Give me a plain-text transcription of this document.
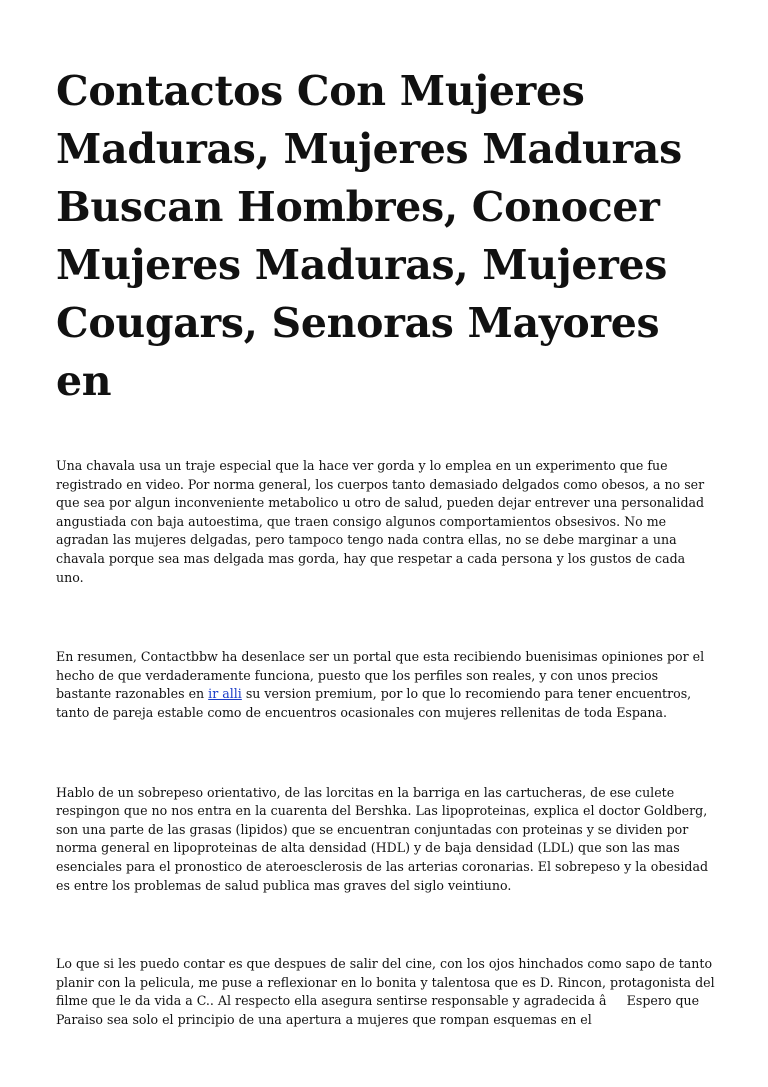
Contactos Con Mujeres Maduras, Mujeres Maduras Buscan Hombres, Conocer Mujeres Maduras, Mujeres Cougars, Senoras Mayores en

Una chavala usa un traje especial que la hace ver gorda y lo emplea en un experimento que fue registrado en video. Por norma general, los cuerpos tanto demasiado delgados como obesos, a no ser que sea por algun inconveniente metabolico u otro de salud, pueden dejar entrever una personalidad angustiada con baja autoestima, que traen consigo algunos comportamientos obsesivos. No me agradan las mujeres delgadas, pero tampoco tengo nada contra ellas, no se debe marginar a una chavala porque sea mas delgada mas gorda, hay que respetar a cada persona y los gustos de cada uno.

En resumen, Contactbbw ha desenlace ser un portal que esta recibiendo buenisimas opiniones por el hecho de que verdaderamente funciona, puesto que los perfiles son reales, y con unos precios bastante razonables en ir alli su version premium, por lo que lo recomiendo para tener encuentros, tanto de pareja estable como de encuentros ocasionales con mujeres rellenitas de toda Espana.

Hablo de un sobrepeso orientativo, de las lorcitas en la barriga en las cartucheras, de ese culete respingon que no nos entra en la cuarenta del Bershka. Las lipoproteinas, explica el doctor Goldberg, son una parte de las grasas (lipidos) que se encuentran conjuntadas con proteinas y se dividen por norma general en lipoproteinas de alta densidad (HDL) y de baja densidad (LDL) que son las mas esenciales para el pronostico de ateroesclerosis de las arterias coronarias. El sobrepeso y la obesidad es entre los problemas de salud publica mas graves del siglo veintiuno.

Lo que si les puedo contar es que despues de salir del cine, con los ojos hinchados como sapo de tanto planir con la pelicula, me puse a reflexionar en lo bonita y talentosa que es D. Rincon, protagonista del filme que le da vida a C.. Al respecto ella asegura sentirse responsable y agradecida âEspero que Paraiso sea solo el principio de una apertura a mujeres que rompan esquemas en el
